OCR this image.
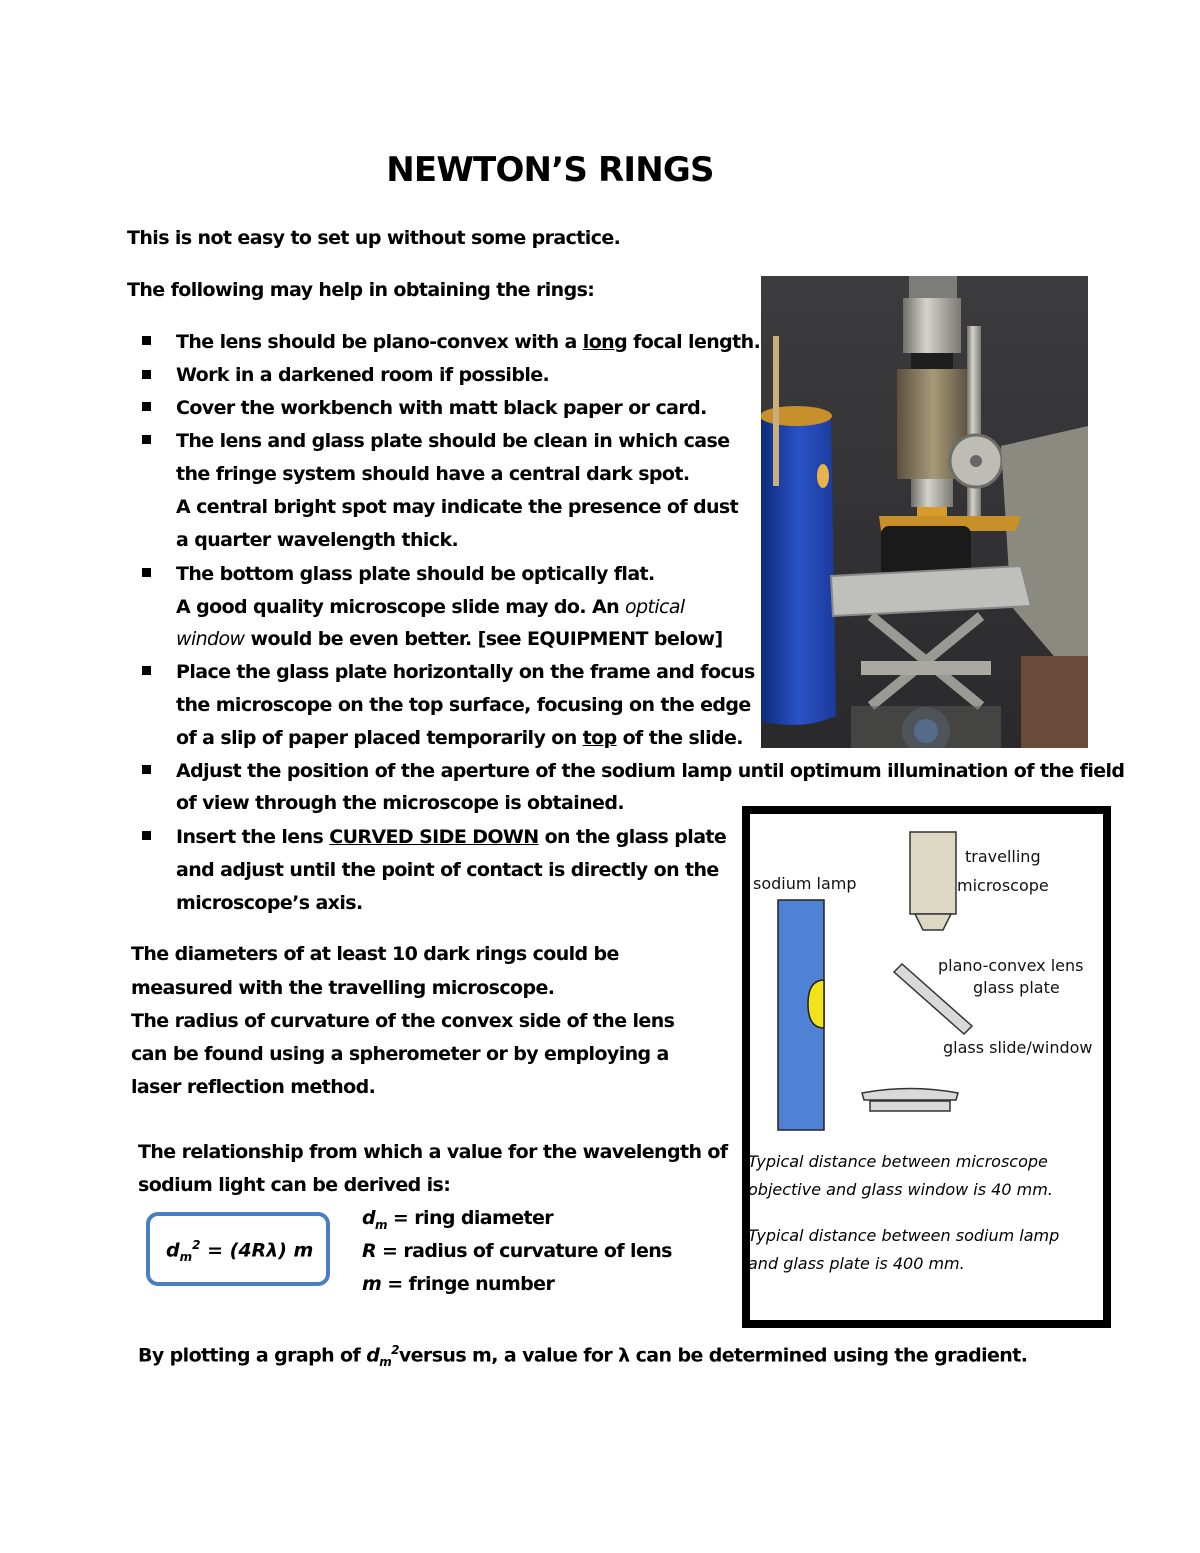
NEWTON’S RINGS
This is not easy to set up without some practice.
The following may help in obtaining the rings:
The lens should be plano-convex with a long focal length.
Work in a darkened room if possible.
Cover the workbench with matt black paper or card.
The lens and glass plate should be clean in which case
the fringe system should have a central dark spot.
A central bright spot may indicate the presence of dust
a quarter wavelength thick.
The bottom glass plate should be optically flat.
A good quality microscope slide may do. An optical
window would be even better. [see EQUIPMENT below]
Place the glass plate horizontally on the frame and focus
the microscope on the top surface, focusing on the edge
of a slip of paper placed temporarily on top of the slide.
Adjust the position of the aperture of the sodium lamp until optimum illumination of the field
of view through the microscope is obtained.
Insert the lens CURVED SIDE DOWN on the glass plate
and adjust until the point of contact is directly on the
microscope’s axis.
The diameters of at least 10 dark rings could be
measured with the travelling microscope.
The radius of curvature of the convex side of the lens
can be found using a spherometer or by employing a
laser reflection method.
The relationship from which a value for the wavelength of
sodium light can be derived is:
$d_m^2 = (4R\lambda)$ m
$d_m$ = ring diameter
R = radius of curvature of lens
m = fringe number
By plotting a graph of $d_m^2versus$ m, a value for λ can be determined using the gradient.
travelling
microscope
sodium lamp
plano-convex lens
glass plate
glass slide/window
Typical distance between microscope
objective and glass window is 40 mm.
Typical distance between sodium lamp
and glass plate is 400 mm.
